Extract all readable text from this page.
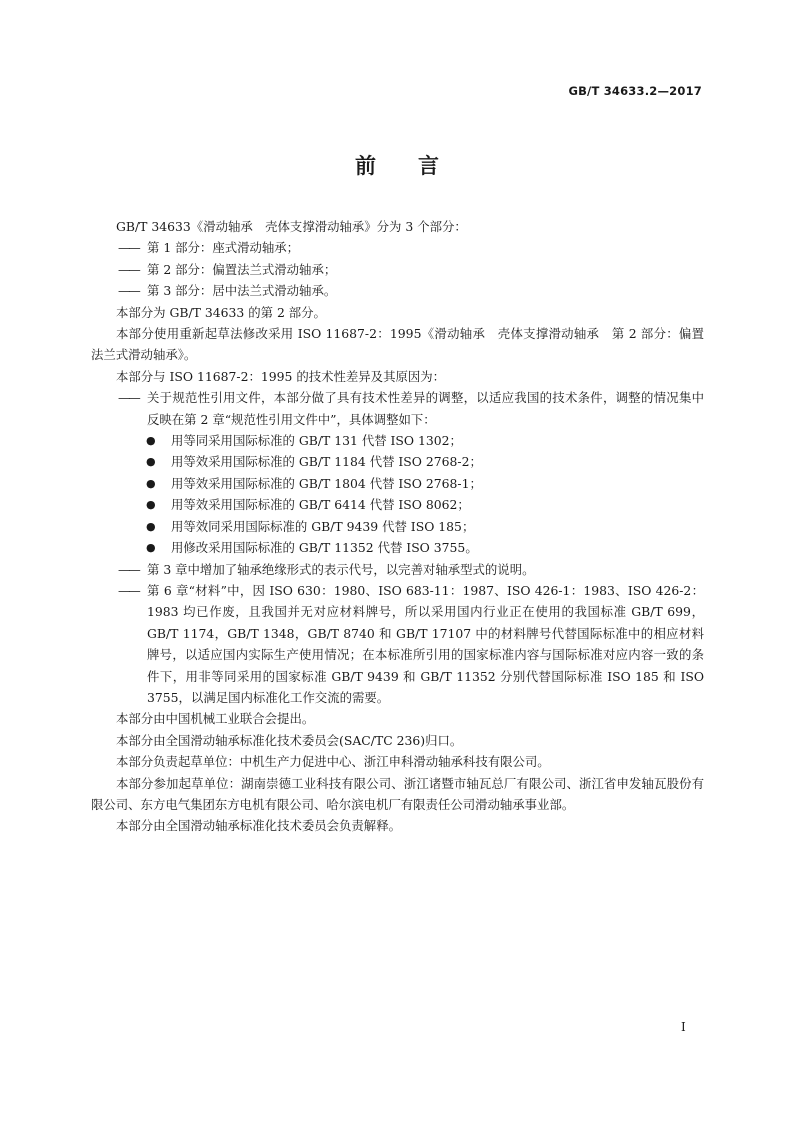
GB/T 34633.2—2017
前 言

GB/T 34633《滑动轴承　壳体支撑滑动轴承》分为 3 个部分：

—— 第 1 部分：座式滑动轴承；

—— 第 2 部分：偏置法兰式滑动轴承；

—— 第 3 部分：居中法兰式滑动轴承。

本部分为 GB/T 34633 的第 2 部分。

本部分使用重新起草法修改采用 ISO 11687-2：1995《滑动轴承　壳体支撑滑动轴承　第 2 部分：偏置法兰式滑动轴承》。

本部分与 ISO 11687-2：1995 的技术性差异及其原因为：

—— 关于规范性引用文件，本部分做了具有技术性差异的调整，以适应我国的技术条件，调整的情况集中反映在第 2 章“规范性引用文件中”，具体调整如下：

● 用等同采用国际标准的 GB/T 131 代替 ISO 1302；

● 用等效采用国际标准的 GB/T 1184 代替 ISO 2768-2；

● 用等效采用国际标准的 GB/T 1804 代替 ISO 2768-1；

● 用等效采用国际标准的 GB/T 6414 代替 ISO 8062；

● 用等效同采用国际标准的 GB/T 9439 代替 ISO 185；

● 用修改采用国际标准的 GB/T 11352 代替 ISO 3755。

—— 第 3 章中增加了轴承绝缘形式的表示代号，以完善对轴承型式的说明。

—— 第 6 章“材料”中，因 ISO 630：1980、ISO 683-11：1987、ISO 426-1：1983、ISO 426-2：1983 均已作废，且我国并无对应材料牌号，所以采用国内行业正在使用的我国标准 GB/T 699，GB/T 1174，GB/T 1348，GB/T 8740 和 GB/T 17107 中的材料牌号代替国际标准中的相应材料牌号，以适应国内实际生产使用情况；在本标准所引用的国家标准内容与国际标准对应内容一致的条件下，用非等同采用的国家标准 GB/T 9439 和 GB/T 11352 分别代替国际标准 ISO 185 和 ISO 3755，以满足国内标准化工作交流的需要。

本部分由中国机械工业联合会提出。

本部分由全国滑动轴承标准化技术委员会(SAC/TC 236)归口。

本部分负责起草单位：中机生产力促进中心、浙江申科滑动轴承科技有限公司。

本部分参加起草单位：湖南崇德工业科技有限公司、浙江诸暨市轴瓦总厂有限公司、浙江省申发轴瓦股份有限公司、东方电气集团东方电机有限公司、哈尔滨电机厂有限责任公司滑动轴承事业部。

本部分由全国滑动轴承标准化技术委员会负责解释。

I
